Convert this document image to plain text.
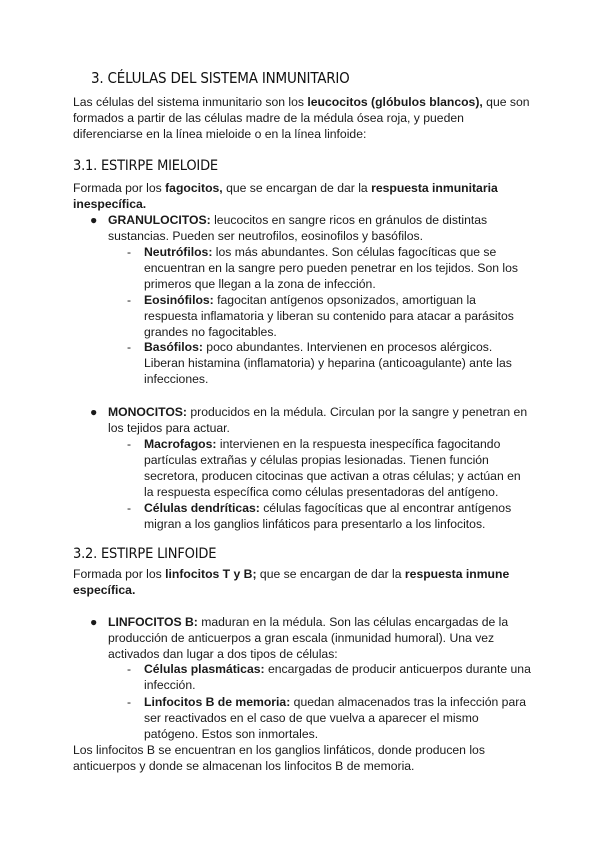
3. CÉLULAS DEL SISTEMA INMUNITARIO

Las células del sistema inmunitario son los leucocitos (glóbulos blancos), que son formados a partir de las células madre de la médula ósea roja, y pueden diferenciarse en la línea mieloide o en la línea linfoide:

3.1. ESTIRPE MIELOIDE

Formada por los fagocitos, que se encargan de dar la respuesta inmunitaria inespecífica.

● GRANULOCITOS: leucocitos en sangre ricos en gránulos de distintas sustancias. Pueden ser neutrofilos, eosinofilos y basófilos.
- Neutrófilos: los más abundantes. Son células fagocíticas que se encuentran en la sangre pero pueden penetrar en los tejidos. Son los primeros que llegan a la zona de infección.
- Eosinófilos: fagocitan antígenos opsonizados, amortiguan la respuesta inflamatoria y liberan su contenido para atacar a parásitos grandes no fagocitables.
- Basófilos: poco abundantes. Intervienen en procesos alérgicos. Liberan histamina (inflamatoria) y heparina (anticoagulante) ante las infecciones.
● MONOCITOS: producidos en la médula. Circulan por la sangre y penetran en los tejidos para actuar.
- Macrofagos: intervienen en la respuesta inespecífica fagocitando partículas extrañas y células propias lesionadas. Tienen función secretora, producen citocinas que activan a otras células; y actúan en la respuesta específica como células presentadoras del antígeno.
- Células dendríticas: células fagocíticas que al encontrar antígenos migran a los ganglios linfáticos para presentarlo a los linfocitos.
3.2. ESTIRPE LINFOIDE

Formada por los linfocitos T y B; que se encargan de dar la respuesta inmune específica.

● LINFOCITOS B: maduran en la médula. Son las células encargadas de la producción de anticuerpos a gran escala (inmunidad humoral). Una vez activados dan lugar a dos tipos de células:
- Células plasmáticas: encargadas de producir anticuerpos durante una infección.
- Linfocitos B de memoria: quedan almacenados tras la infección para ser reactivados en el caso de que vuelva a aparecer el mismo patógeno. Estos son inmortales.

Los linfocitos B se encuentran en los ganglios linfáticos, donde producen los anticuerpos y donde se almacenan los linfocitos B de memoria.
